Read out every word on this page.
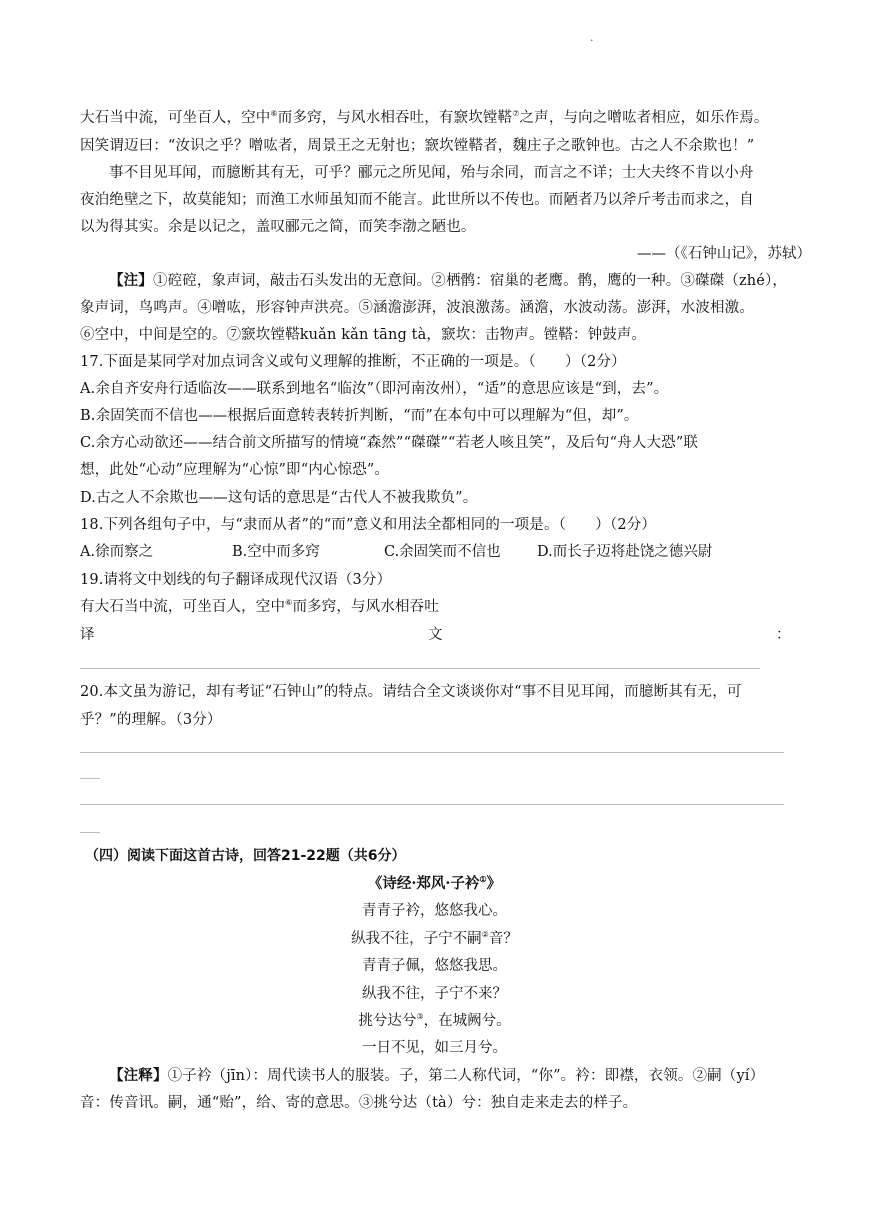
·
大石当中流，可坐百人，空中⑥而多窍，与风水相吞吐，有窾坎镗鞳⑦之声，与向之噌吰者相应，如乐作焉。
因笑谓迈曰：“汝识之乎？噌吰者，周景王之无射也；窾坎镗鞳者，魏庄子之歌钟也。古之人不余欺也！”
事不目见耳闻，而臆断其有无，可乎？郦元之所见闻，殆与余同，而言之不详；士大夫终不肯以小舟
夜泊绝壁之下，故莫能知；而渔工水师虽知而不能言。此世所以不传也。而陋者乃以斧斤考击而求之，自
以为得其实。余是以记之，盖叹郦元之简，而笑李渤之陋也。
——（《石钟山记》，苏轼）
【注】①硿硿，象声词，敲击石头发出的无意间。②栖鹘：宿巢的老鹰。鹘，鹰的一种。③磔磔（zhé），
象声词，鸟鸣声。④噌吰，形容钟声洪亮。⑤涵澹澎湃，波浪激荡。涵澹，水波动荡。澎湃，水波相激。
⑥空中，中间是空的。⑦窾坎镗鞳kuǎn kǎn tāng tà，窾坎：击物声。镗鞳：钟鼓声。
17.下面是某同学对加点词含义或句义理解的推断，不正确的一项是。（　　）（2分）
A.余自齐安舟行适临汝——联系到地名“临汝”（即河南汝州），“适”的意思应该是“到，去”。
B.余固笑而不信也——根据后面意转表转折判断，“而”在本句中可以理解为“但，却”。
C.余方心动欲还——结合前文所描写的情境“森然”“磔磔”“若老人咳且笑”，及后句“舟人大恐”联
想，此处“心动”应理解为“心惊”即“内心惊恐”。
D.古之人不余欺也——这句话的意思是“古代人不被我欺负”。
18.下列各组句子中，与“隶而从者”的“而”意义和用法全都相同的一项是。（　　）（2分）
A.徐而察之	B.空中而多窍	C.余固笑而不信也	D.而长子迈将赴饶之德兴尉
19.请将文中划线的句子翻译成现代汉语（3分）
有大石当中流，可坐百人，空中⑥而多窍，与风水相吞吐
译	文	：
20.本文虽为游记，却有考证“石钟山”的特点。请结合全文谈谈你对“事不目见耳闻，而臆断其有无，可
乎？”的理解。（3分）
（四）阅读下面这首古诗，回答21-22题（共6分）
《诗经·郑风·子衿①》
青青子衿，悠悠我心。
纵我不往，子宁不嗣②音？
青青子佩，悠悠我思。
纵我不往，子宁不来？
挑兮达兮③，在城阙兮。
一日不见，如三月兮。
【注释】①子衿（jīn）：周代读书人的服装。子，第二人称代词，“你”。衿：即襟，衣领。②嗣（yí）
音：传音讯。嗣，通“贻”，给、寄的意思。③挑兮达（tà）兮：独自走来走去的样子。
